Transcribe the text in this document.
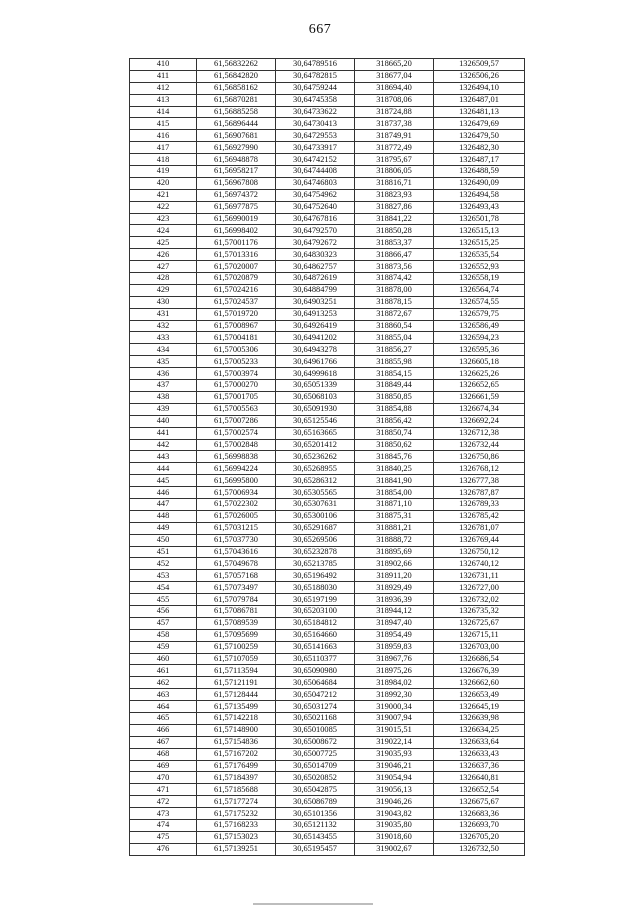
667
410	61,56832262	30,64789516	318665,20	1326509,57
411	61,56842820	30,64782815	318677,04	1326506,26
412	61,56858162	30,64759244	318694,40	1326494,10
413	61,56870281	30,64745358	318708,06	1326487,01
414	61,56885258	30,64733622	318724,88	1326481,13
415	61,56896444	30,64730413	318737,38	1326479,69
416	61,56907681	30,64729553	318749,91	1326479,50
417	61,56927990	30,64733917	318772,49	1326482,30
418	61,56948878	30,64742152	318795,67	1326487,17
419	61,56958217	30,64744408	318806,05	1326488,59
420	61,56967808	30,64746803	318816,71	1326490,09
421	61,56974372	30,64754962	318823,93	1326494,58
422	61,56977875	30,64752640	318827,86	1326493,43
423	61,56990019	30,64767816	318841,22	1326501,78
424	61,56998402	30,64792570	318850,28	1326515,13
425	61,57001176	30,64792672	318853,37	1326515,25
426	61,57013316	30,64830323	318866,47	1326535,54
427	61,57020007	30,64862757	318873,56	1326552,93
428	61,57020879	30,64872619	318874,42	1326558,19
429	61,57024216	30,64884799	318878,00	1326564,74
430	61,57024537	30,64903251	318878,15	1326574,55
431	61,57019720	30,64913253	318872,67	1326579,75
432	61,57008967	30,64926419	318860,54	1326586,49
433	61,57004181	30,64941202	318855,04	1326594,23
434	61,57005306	30,64943278	318856,27	1326595,36
435	61,57005233	30,64961766	318855,98	1326605,18
436	61,57003974	30,64999618	318854,15	1326625,26
437	61,57000270	30,65051339	318849,44	1326652,65
438	61,57001705	30,65068103	318850,85	1326661,59
439	61,57005563	30,65091930	318854,88	1326674,34
440	61,57007286	30,65125546	318856,42	1326692,24
441	61,57002574	30,65163665	318850,74	1326712,38
442	61,57002848	30,65201412	318850,62	1326732,44
443	61,56998838	30,65236262	318845,76	1326750,86
444	61,56994224	30,65268955	318840,25	1326768,12
445	61,56995800	30,65286312	318841,90	1326777,38
446	61,57006934	30,65305565	318854,00	1326787,87
447	61,57022302	30,65307631	318871,10	1326789,33
448	61,57026005	30,65300106	318875,31	1326785,42
449	61,57031215	30,65291687	318881,21	1326781,07
450	61,57037730	30,65269506	318888,72	1326769,44
451	61,57043616	30,65232878	318895,69	1326750,12
452	61,57049678	30,65213785	318902,66	1326740,12
453	61,57057168	30,65196492	318911,20	1326731,11
454	61,57073497	30,65188030	318929,49	1326727,00
455	61,57079784	30,65197199	318936,39	1326732,02
456	61,57086781	30,65203100	318944,12	1326735,32
457	61,57089539	30,65184812	318947,40	1326725,67
458	61,57095699	30,65164660	318954,49	1326715,11
459	61,57100259	30,65141663	318959,83	1326703,00
460	61,57107059	30,65110377	318967,76	1326686,54
461	61,57113594	30,65090980	318975,26	1326676,39
462	61,57121191	30,65064684	318984,02	1326662,60
463	61,57128444	30,65047212	318992,30	1326653,49
464	61,57135499	30,65031274	319000,34	1326645,19
465	61,57142218	30,65021168	319007,94	1326639,98
466	61,57148900	30,65010085	319015,51	1326634,25
467	61,57154836	30,65008672	319022,14	1326633,64
468	61,57167202	30,65007725	319035,93	1326633,43
469	61,57176499	30,65014709	319046,21	1326637,36
470	61,57184397	30,65020852	319054,94	1326640,81
471	61,57185688	30,65042875	319056,13	1326652,54
472	61,57177274	30,65086789	319046,26	1326675,67
473	61,57175232	30,65101356	319043,82	1326683,36
474	61,57168233	30,65121132	319035,80	1326693,70
475	61,57153023	30,65143455	319018,60	1326705,20
476	61,57139251	30,65195457	319002,67	1326732,50
